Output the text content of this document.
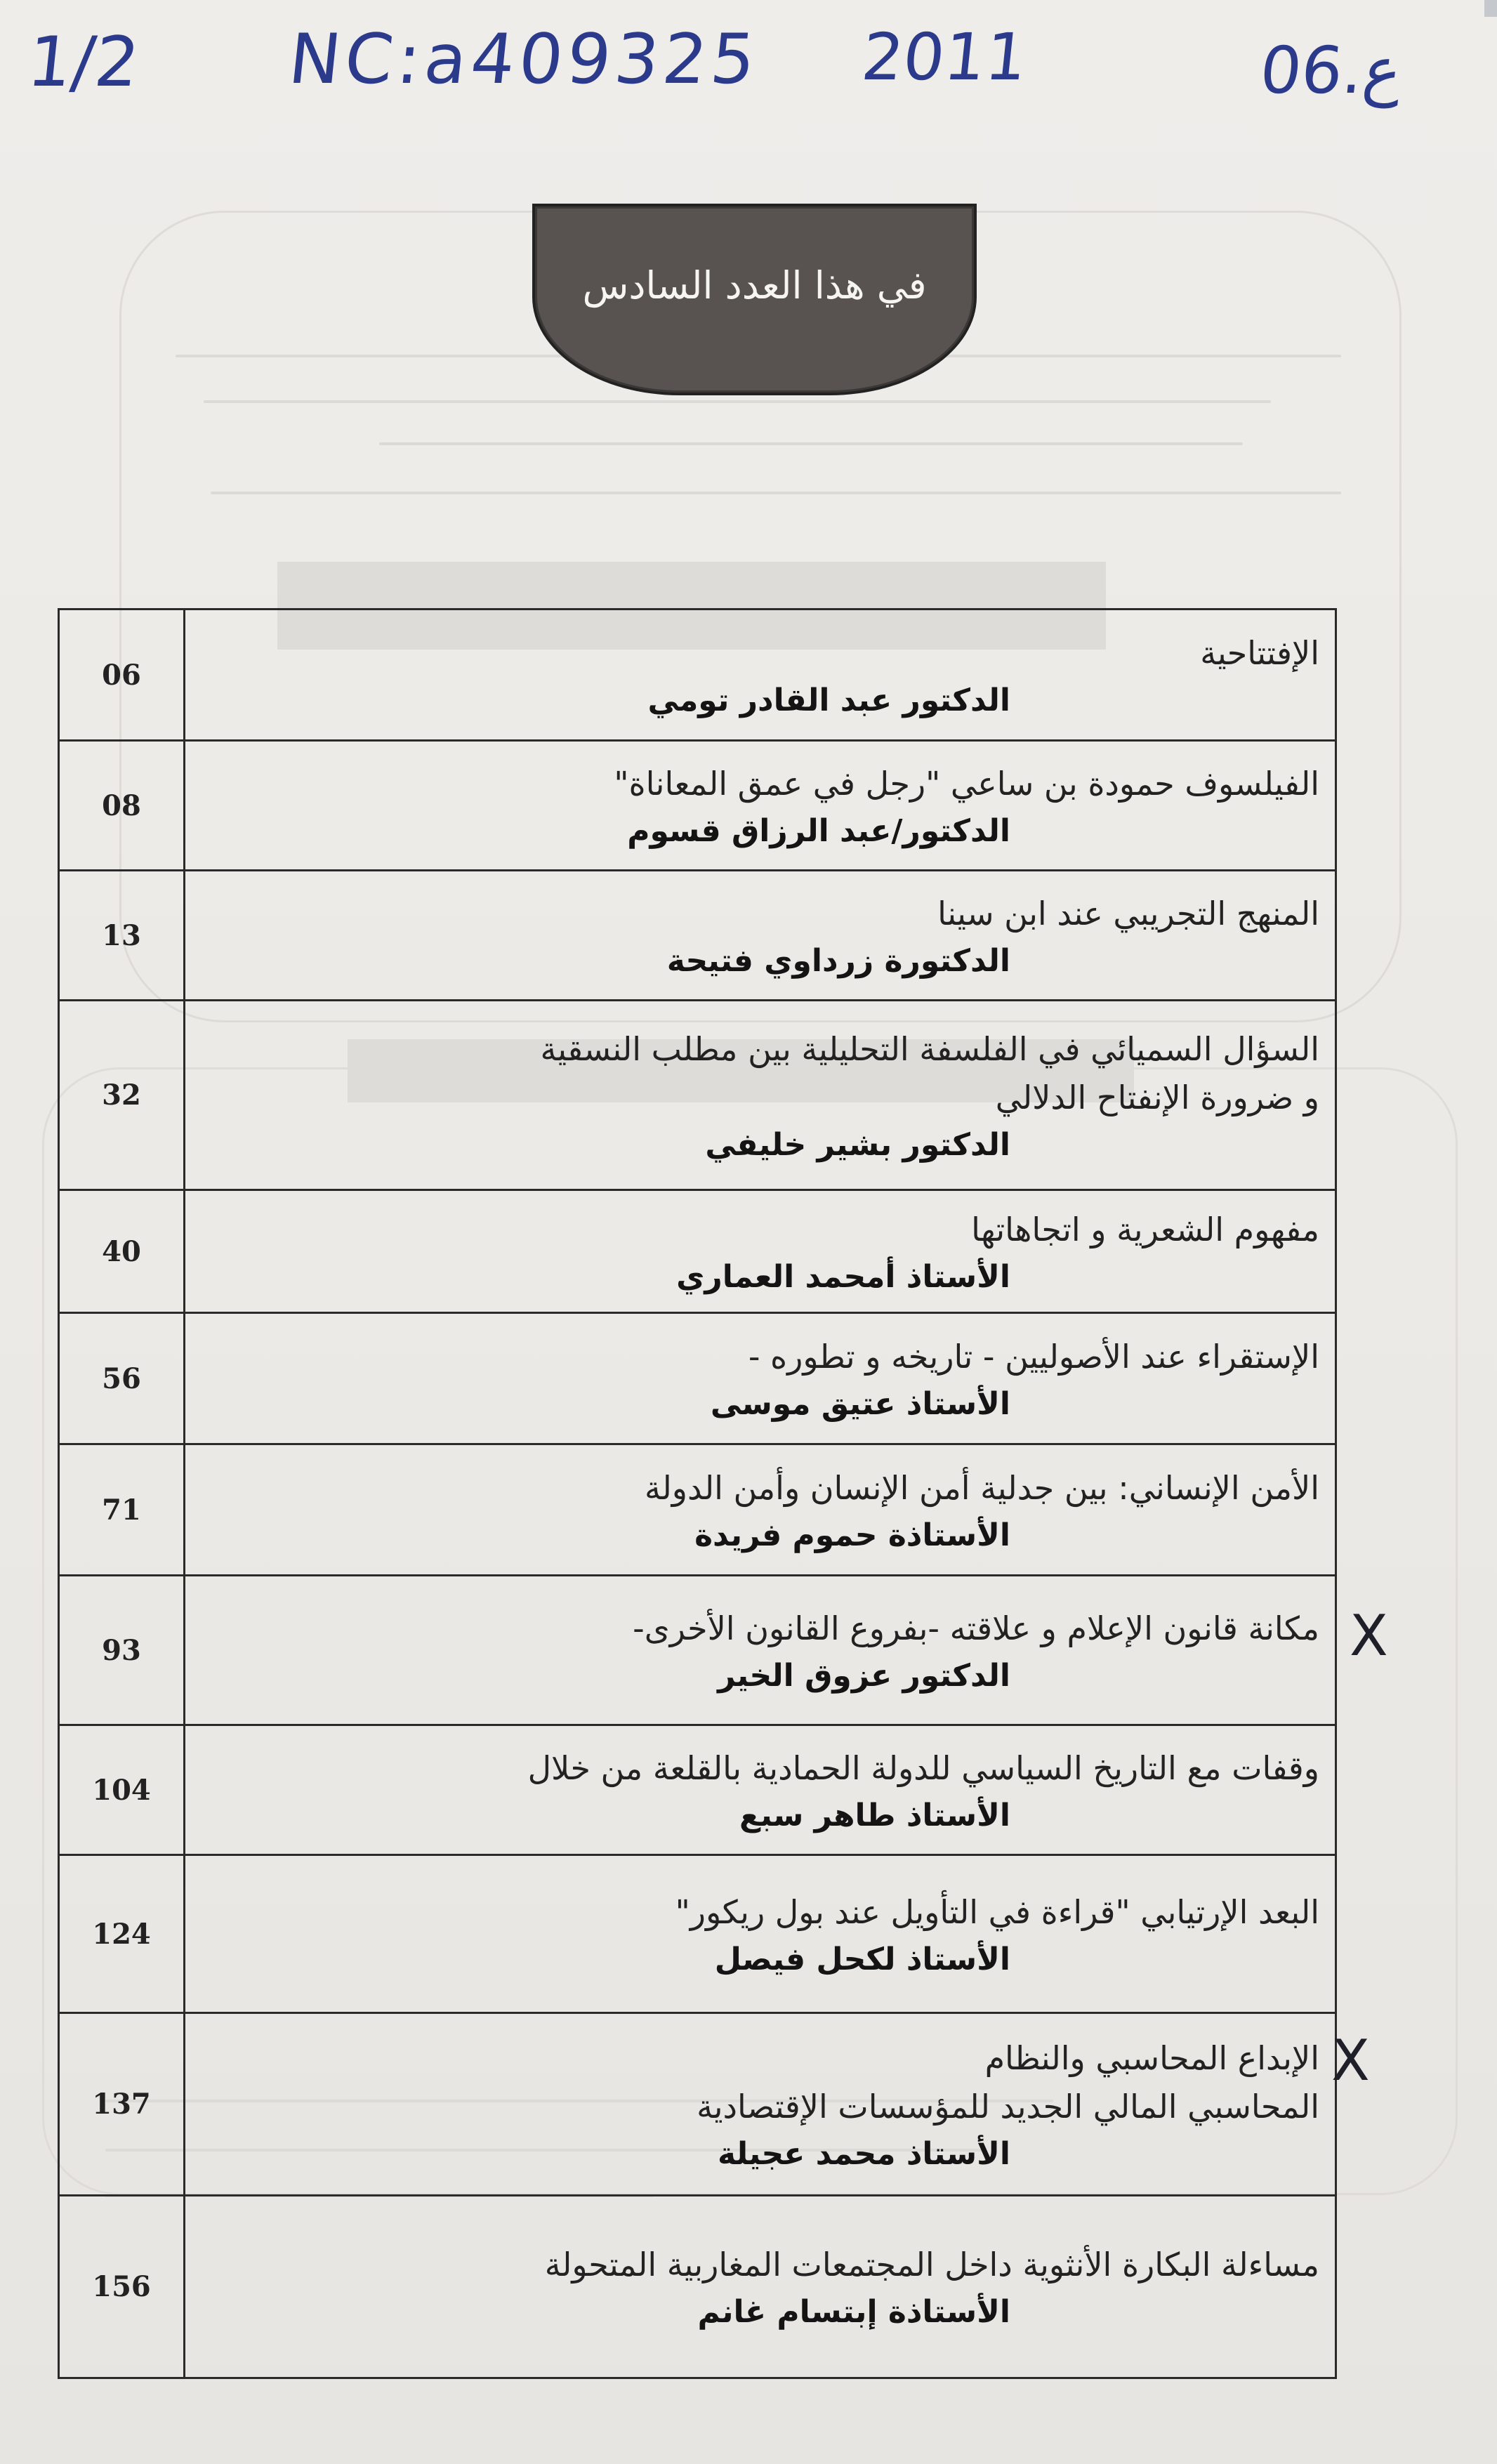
1/2 NC:a409325 2011	06.ع
في هذا العدد السادس
06	الإفتتاحية
الدكتور عبد القادر تومي

08	الفيلسوف حمودة بن ساعي "رجل في عمق المعاناة"
الدكتور/عبد الرزاق قسوم

13	المنهج التجريبي عند ابن سينا
الدكتورة زرداوي فتيحة

32	السؤال السميائي في الفلسفة التحليلية بين مطلب النسقية
و ضرورة الإنفتاح الدلالي
الدكتور بشير خليفي

40	مفهوم الشعرية و اتجاهاتها
الأستاذ أمحمد العماري

56	الإستقراء عند الأصوليين - تاريخه و تطوره -
الأستاذ عتيق موسى

71	الأمن الإنساني: بين جدلية أمن الإنسان وأمن الدولة
الأستاذة حموم فريدة

93	مكانة قانون الإعلام و علاقته -بفروع القانون الأخرى-
الدكتور عزوق الخير

104	وقفات مع التاريخ السياسي للدولة الحمادية بالقلعة من خلال
الأستاذ طاهر سبع

124	البعد الإرتيابي "قراءة في التأويل عند بول ريكور"
الأستاذ لكحل فيصل

137	الإبداع المحاسبي والنظام
المحاسبي المالي الجديد للمؤسسات الإقتصادية
الأستاذ محمد عجيلة

156	مساءلة البكارة الأنثوية داخل المجتمعات المغاربية المتحولة
الأستاذة إبتسام غانم
X
X
